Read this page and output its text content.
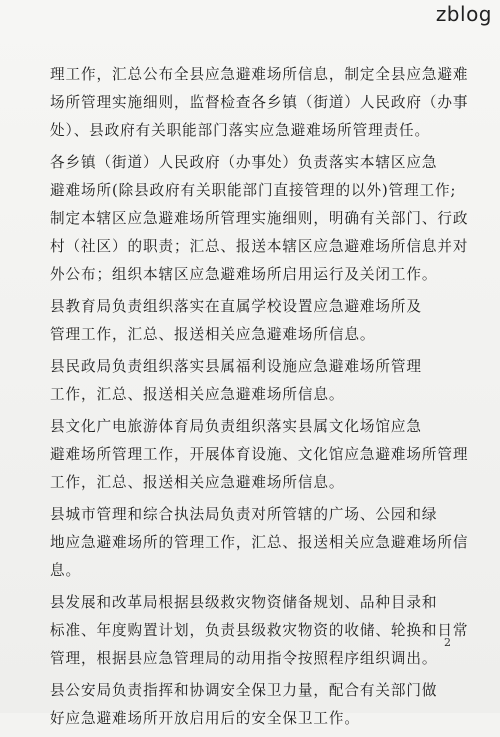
zblog
理工作，汇总公布全县应急避难场所信息，制定全县应急避难
场所管理实施细则，监督检查各乡镇（街道）人民政府（办事
处）、县政府有关职能部门落实应急避难场所管理责任。
各乡镇（街道）人民政府（办事处）负责落实本辖区应急
避难场所(除县政府有关职能部门直接管理的以外)管理工作;
制定本辖区应急避难场所管理实施细则，明确有关部门、行政
村（社区）的职责；汇总、报送本辖区应急避难场所信息并对
外公布；组织本辖区应急避难场所启用运行及关闭工作。
县教育局负责组织落实在直属学校设置应急避难场所及
管理工作，汇总、报送相关应急避难场所信息。
县民政局负责组织落实县属福利设施应急避难场所管理
工作，汇总、报送相关应急避难场所信息。
县文化广电旅游体育局负责组织落实县属文化场馆应急
避难场所管理工作，开展体育设施、文化馆应急避难场所管理
工作，汇总、报送相关应急避难场所信息。
县城市管理和综合执法局负责对所管辖的广场、公园和绿
地应急避难场所的管理工作，汇总、报送相关应急避难场所信
息。
县发展和改革局根据县级救灾物资储备规划、品种目录和
标准、年度购置计划，负责县级救灾物资的收储、轮换和日常
管理，根据县应急管理局的动用指令按照程序组织调出。
县公安局负责指挥和协调安全保卫力量，配合有关部门做
好应急避难场所开放启用后的安全保卫工作。
2
